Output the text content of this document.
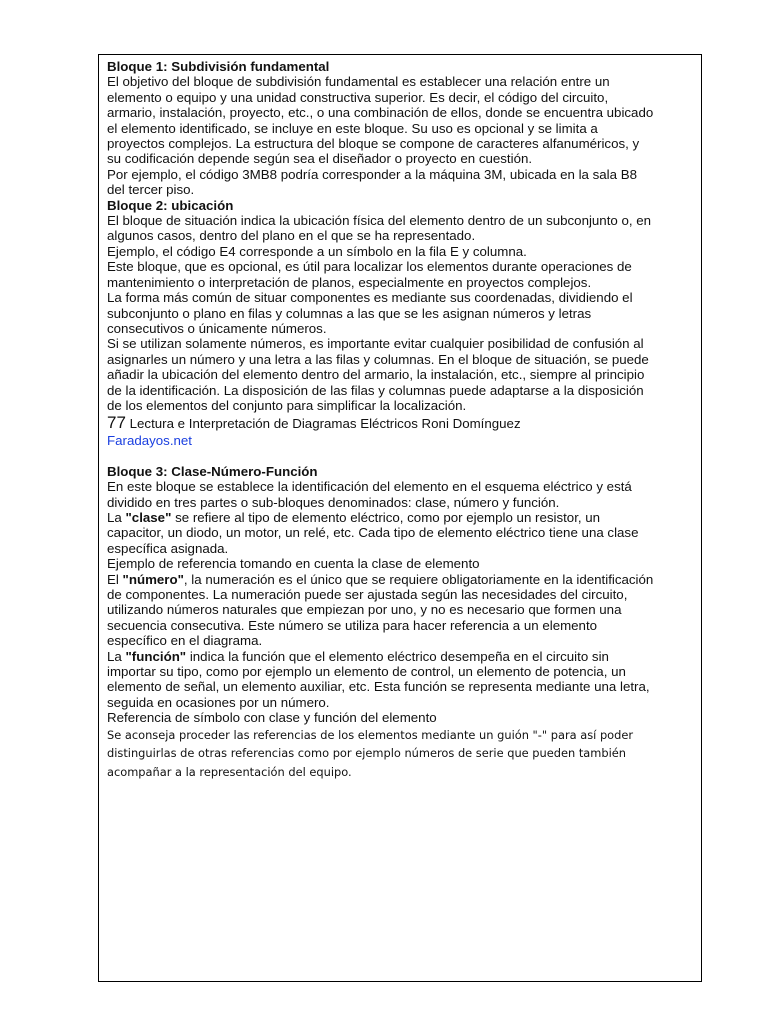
Bloque 1: Subdivisión fundamental
El objetivo del bloque de subdivisión fundamental es establecer una relación entre un
elemento o equipo y una unidad constructiva superior. Es decir, el código del circuito,
armario, instalación, proyecto, etc., o una combinación de ellos, donde se encuentra ubicado
el elemento identificado, se incluye en este bloque. Su uso es opcional y se limita a
proyectos complejos. La estructura del bloque se compone de caracteres alfanuméricos, y
su codificación depende según sea el diseñador o proyecto en cuestión.
Por ejemplo, el código 3MB8 podría corresponder a la máquina 3M, ubicada en la sala B8
del tercer piso.
Bloque 2: ubicación
El bloque de situación indica la ubicación física del elemento dentro de un subconjunto o, en
algunos casos, dentro del plano en el que se ha representado.
Ejemplo, el código E4 corresponde a un símbolo en la fila E y columna.
Este bloque, que es opcional, es útil para localizar los elementos durante operaciones de
mantenimiento o interpretación de planos, especialmente en proyectos complejos.
La forma más común de situar componentes es mediante sus coordenadas, dividiendo el
subconjunto o plano en filas y columnas a las que se les asignan números y letras
consecutivos o únicamente números.
Si se utilizan solamente números, es importante evitar cualquier posibilidad de confusión al
asignarles un número y una letra a las filas y columnas. En el bloque de situación, se puede
añadir la ubicación del elemento dentro del armario, la instalación, etc., siempre al principio
de la identificación. La disposición de las filas y columnas puede adaptarse a la disposición
de los elementos del conjunto para simplificar la localización.
77 Lectura e Interpretación de Diagramas Eléctricos Roni Domínguez
Faradayos.net
Bloque 3: Clase-Número-Función
En este bloque se establece la identificación del elemento en el esquema eléctrico y está
dividido en tres partes o sub-bloques denominados: clase, número y función.
La "clase" se refiere al tipo de elemento eléctrico, como por ejemplo un resistor, un
capacitor, un diodo, un motor, un relé, etc. Cada tipo de elemento eléctrico tiene una clase
específica asignada.
Ejemplo de referencia tomando en cuenta la clase de elemento
El "número", la numeración es el único que se requiere obligatoriamente en la identificación
de componentes. La numeración puede ser ajustada según las necesidades del circuito,
utilizando números naturales que empiezan por uno, y no es necesario que formen una
secuencia consecutiva. Este número se utiliza para hacer referencia a un elemento
específico en el diagrama.
La "función" indica la función que el elemento eléctrico desempeña en el circuito sin
importar su tipo, como por ejemplo un elemento de control, un elemento de potencia, un
elemento de señal, un elemento auxiliar, etc. Esta función se representa mediante una letra,
seguida en ocasiones por un número.
Referencia de símbolo con clase y función del elemento
Se aconseja proceder las referencias de los elementos mediante un guión "-" para así poder
distinguirlas de otras referencias como por ejemplo números de serie que pueden también
acompañar a la representación del equipo.
